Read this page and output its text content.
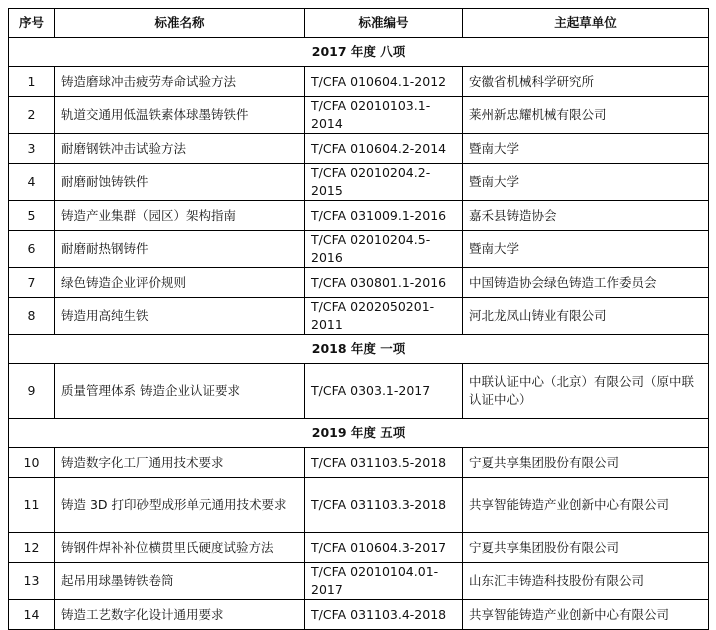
序号	标准名称	标准编号	主起草单位
2017 年度 八项			
1	铸造磨球冲击疲劳寿命试验方法	T/CFA 010604.1-2012	安徽省机械科学研究所
2	轨道交通用低温铁素体球墨铸铁件	T/CFA 02010103.1-2014	莱州新忠耀机械有限公司
3	耐磨钢铁冲击试验方法	T/CFA 010604.2-2014	暨南大学
4	耐磨耐蚀铸铁件	T/CFA 02010204.2-2015	暨南大学
5	铸造产业集群（园区）架构指南	T/CFA 031009.1-2016	嘉禾县铸造协会
6	耐磨耐热钢铸件	T/CFA 02010204.5-2016	暨南大学
7	绿色铸造企业评价规则	T/CFA 030801.1-2016	中国铸造协会绿色铸造工作委员会
8	铸造用高纯生铁	T/CFA 0202050201-2011	河北龙凤山铸业有限公司
2018 年度 一项			
9	质量管理体系 铸造企业认证要求	T/CFA 0303.1-2017	中联认证中心（北京）有限公司（原中联认证中心）
2019 年度 五项			
10	铸造数字化工厂通用技术要求	T/CFA 031103.5-2018	宁夏共享集团股份有限公司
11	铸造 3D 打印砂型成形单元通用技术要求	T/CFA 031103.3-2018	共享智能铸造产业创新中心有限公司
12	铸钢件焊补补位横贯里氏硬度试验方法	T/CFA 010604.3-2017	宁夏共享集团股份有限公司
13	起吊用球墨铸铁卷筒	T/CFA 02010104.01-2017	山东汇丰铸造科技股份有限公司
14	铸造工艺数字化设计通用要求	T/CFA 031103.4-2018	共享智能铸造产业创新中心有限公司
